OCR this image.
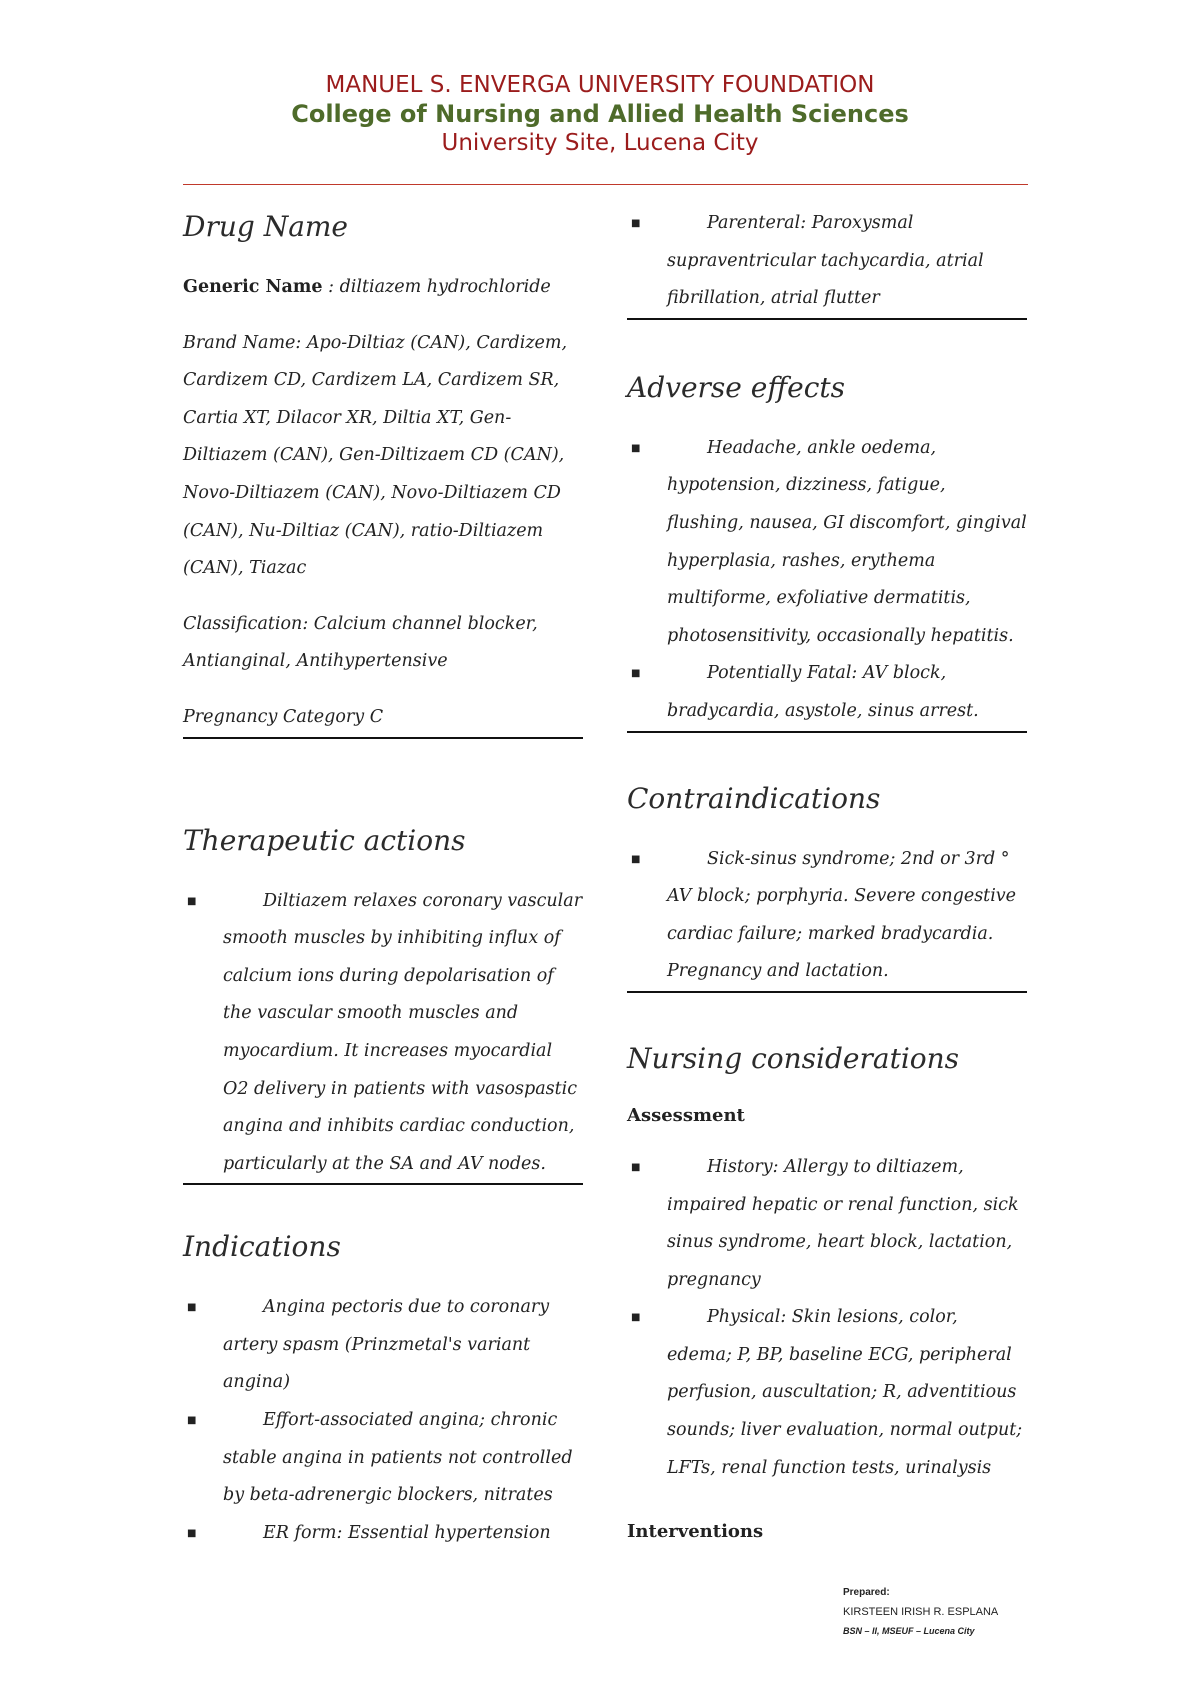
MANUEL S. ENVERGA UNIVERSITY FOUNDATION
College of Nursing and Allied Health Sciences
University Site, Lucena City
Drug Name
Generic Name : diltiazem hydrochloride
Brand Name: Apo-Diltiaz (CAN), Cardizem, Cardizem CD, Cardizem LA, Cardizem SR, Cartia XT, Dilacor XR, Diltia XT, Gen-Diltiazem (CAN), Gen-Diltizaem CD (CAN), Novo-Diltiazem (CAN), Novo-Diltiazem CD (CAN), Nu-Diltiaz (CAN), ratio-Diltiazem (CAN), Tiazac
Classification: Calcium channel blocker, Antianginal, Antihypertensive
Pregnancy Category C
Therapeutic actions
■	Diltiazem relaxes coronary vascular smooth muscles by inhibiting influx of calcium ions during depolarisation of the vascular smooth muscles and myocardium. It increases myocardial O2 delivery in patients with vasospastic angina and inhibits cardiac conduction, particularly at the SA and AV nodes.
Indications
■	Angina pectoris due to coronary artery spasm (Prinzmetal's variant angina)
■	Effort-associated angina; chronic stable angina in patients not controlled by beta-adrenergic blockers, nitrates
■	ER form: Essential hypertension
■	Parenteral: Paroxysmal supraventricular tachycardia, atrial fibrillation, atrial flutter
Adverse effects
■	Headache, ankle oedema, hypotension, dizziness, fatigue, flushing, nausea, GI discomfort, gingival hyperplasia, rashes, erythema multiforme, exfoliative dermatitis, photosensitivity, occasionally hepatitis.
■	Potentially Fatal: AV block, bradycardia, asystole, sinus arrest.
Contraindications
■	Sick-sinus syndrome; 2nd or 3rd ° AV block; porphyria. Severe congestive cardiac failure; marked bradycardia. Pregnancy and lactation.
Nursing considerations
Assessment
■	History: Allergy to diltiazem, impaired hepatic or renal function, sick sinus syndrome, heart block, lactation, pregnancy
■	Physical: Skin lesions, color, edema; P, BP, baseline ECG, peripheral perfusion, auscultation; R, adventitious sounds; liver evaluation, normal output; LFTs, renal function tests, urinalysis
Interventions
Prepared:
KIRSTEEN IRISH R. ESPLANA
BSN – II, MSEUF – Lucena City
